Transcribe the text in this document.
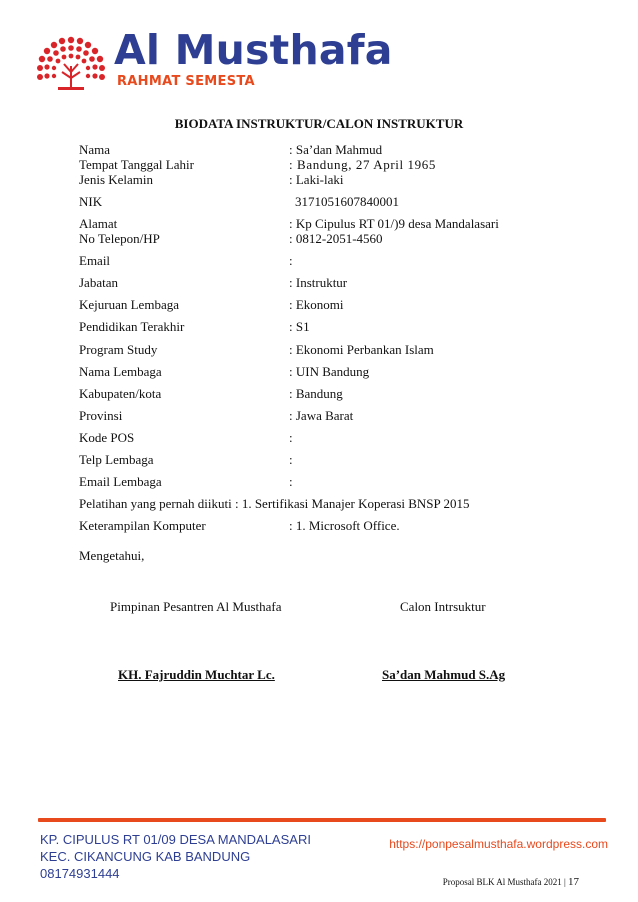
Al Musthafa
RAHMAT SEMESTA
BIODATA INSTRUKTUR/CALON INSTRUKTUR
Nama	: Sa’dan Mahmud
Tempat Tanggal Lahir	: Bandung, 27 April 1965
Jenis Kelamin	: Laki-laki
NIK	3171051607840001
Alamat	: Kp Cipulus RT 01/)9 desa Mandalasari
No Telepon/HP	: 0812-2051-4560
Email	:
Jabatan	: Instruktur
Kejuruan Lembaga	: Ekonomi
Pendidikan Terakhir	: S1
Program Study	: Ekonomi Perbankan Islam
Nama Lembaga	: UIN Bandung
Kabupaten/kota	: Bandung
Provinsi	: Jawa Barat
Kode POS	:
Telp Lembaga	:
Email Lembaga	:
Pelatihan yang pernah diikuti : 1. Sertifikasi Manajer Koperasi BNSP 2015
Keterampilan Komputer	: 1. Microsoft Office.
Mengetahui,
Pimpinan Pesantren Al Musthafa	Calon Intrsuktur
KH. Fajruddin Muchtar Lc.	Sa’dan Mahmud S.Ag
KP. CIPULUS RT 01/09 DESA MANDALASARI
KEC. CIKANCUNG KAB BANDUNG
08174931444
https://ponpesalmusthafa.wordpress.com
Proposal BLK Al Musthafa 2021 | 17
